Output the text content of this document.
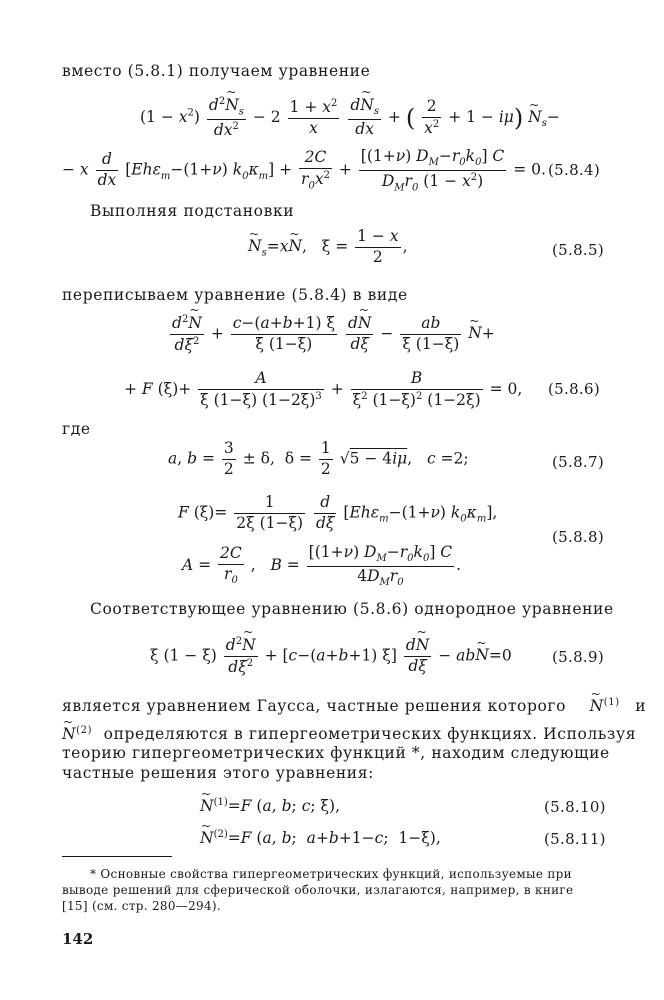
вместо (5.8.1) получаем уравнение
$(1 - x^2) \frac{d^2\sim N_s}{dx^2} - 2 \frac{1 + x^2}{x}$
$\frac{d\sim N_s}{dx}$ + ( $\frac{2}{x^2} + 1 - i\mu$) ~ $N_s-$
− x $\frac{d}{dx} [Eh\varepsilon_т-(1+\nu) k_0\kappa_т] + \frac{2C}{r_0x^2} + \frac{[(1+\nu) D_M-r_0k_0] C}{D_Mr_0 (1 - x^2)} = 0$. (5.8.4)
Выполняя подстановки
~ $N_s=x\sim$ N,   $\xi = \frac{1 - x}{2}$ ,	(5.8.5)
переписываем уравнение (5.8.4) в виде
$\frac{d^2\sim N}{d\xi^2} + \frac{c-(a+b+1) \xi}{\xi (1-\xi)}$
$\frac{d\sim N}{d\xi} - \frac{ab}{\xi (1-\xi)}$ ~ N+
+ F $(\xi)+ \frac{A}{\xi (1-\xi) (1-2\xi)^3} + \frac{B}{\xi^2 (1-\xi)^2 (1-2\xi)} = 0$, (5.8.6)
где
a, $b = \frac{3}{2} \pm \delta$,  $\delta = \frac{1}{2} √5 - 4\overline{i\mu}$,   c =2;	(5.8.7)
F $(\xi)= \frac{1}{2\xi (1-\xi)}$
$\frac{d}{d\xi} [Eh\varepsilon_т-(1+\nu)$ $k_0\kappa_т$],
$A = \frac{2C}{r_0}$ ,   $B = \frac{[(1+\nu) D_M-r_0k_0] C}{4D_Mr_0}$ .
(5.8.8)
Соответствующее уравнению (5.8.6) однородное уравнение
ξ $(1 - \xi) \frac{d^2\sim N}{d\xi^2} + [c-(a+b+1)$ $\xi] \frac{d\sim N}{d\xi}$ − ab~ N=0	(5.8.9)
является уравнением Гаусса, частные решения которого ~ $N^{(1)}$ и
~ $N^{(2)}$ определяются в гипергеометрических функциях. Используя
теорию гипергеометрических функций *, находим следующие
частные решения этого уравнения:
~ $N^{(1)}=F$ (a, b; c; ξ),	(5.8.10)
~ $N^{(2)}=F$ (a, b;  a+b+1−c;  1−ξ),	(5.8.11)
* Основные свойства гипергеометрических функций, используемые при
выводе решений для сферической оболочки, излагаются, например, в книге
[15] (см. стр. 280—294).
142
